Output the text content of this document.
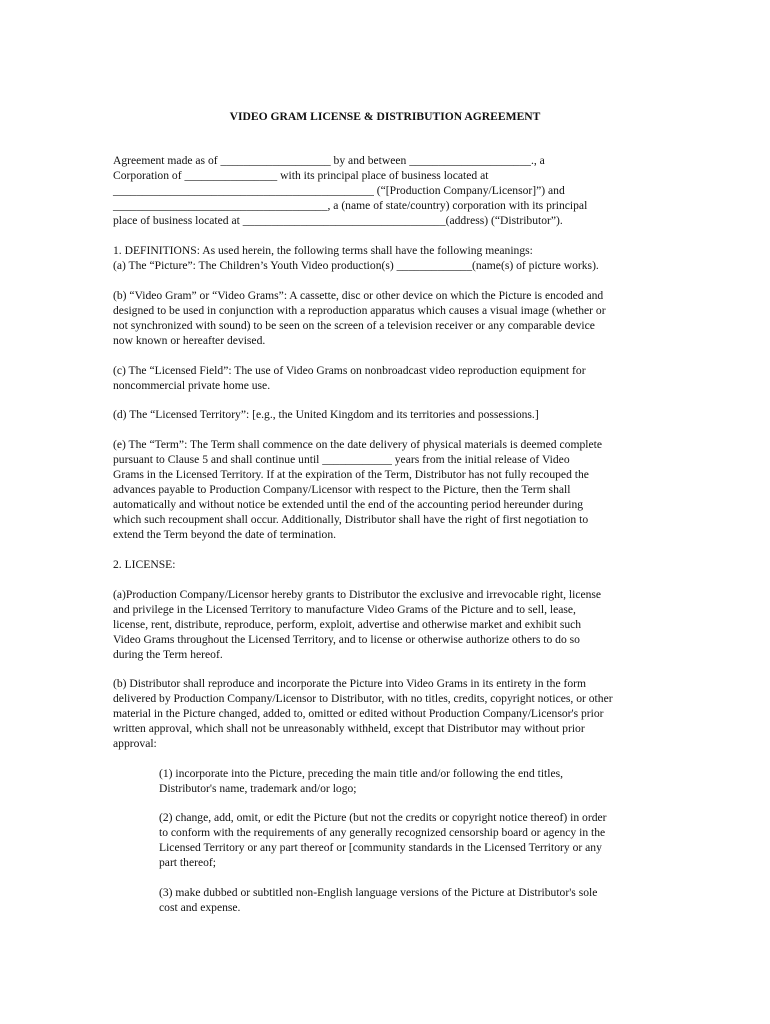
VIDEO GRAM LICENSE & DISTRIBUTION AGREEMENT
Agreement made as of ___________________ by and between _____________________., a
Corporation of ________________ with its principal place of business located at
_____________________________________________ (“[Production Company/Licensor]”) and
_____________________________________, a (name of state/country) corporation with its principal
place of business located at ___________________________________(address) (“Distributor”).
1. DEFINITIONS: As used herein, the following terms shall have the following meanings:
(a) The “Picture”: The Children’s Youth Video production(s) _____________(name(s) of picture works).
(b) “Video Gram” or “Video Grams”: A cassette, disc or other device on which the Picture is encoded and
designed to be used in conjunction with a reproduction apparatus which causes a visual image (whether or
not synchronized with sound) to be seen on the screen of a television receiver or any comparable device
now known or hereafter devised.
(c) The “Licensed Field”: The use of Video Grams on nonbroadcast video reproduction equipment for
noncommercial private home use.
(d) The “Licensed Territory”: [e.g., the United Kingdom and its territories and possessions.]
(e) The “Term”: The Term shall commence on the date delivery of physical materials is deemed complete
pursuant to Clause 5 and shall continue until ____________ years from the initial release of Video
Grams in the Licensed Territory. If at the expiration of the Term, Distributor has not fully recouped the
advances payable to Production Company/Licensor with respect to the Picture, then the Term shall
automatically and without notice be extended until the end of the accounting period hereunder during
which such recoupment shall occur. Additionally, Distributor shall have the right of first negotiation to
extend the Term beyond the date of termination.
2. LICENSE:
(a)Production Company/Licensor hereby grants to Distributor the exclusive and irrevocable right, license
and privilege in the Licensed Territory to manufacture Video Grams of the Picture and to sell, lease,
license, rent, distribute, reproduce, perform, exploit, advertise and otherwise market and exhibit such
Video Grams throughout the Licensed Territory, and to license or otherwise authorize others to do so
during the Term hereof.
(b) Distributor shall reproduce and incorporate the Picture into Video Grams in its entirety in the form
delivered by Production Company/Licensor to Distributor, with no titles, credits, copyright notices, or other
material in the Picture changed, added to, omitted or edited without Production Company/Licensor's prior
written approval, which shall not be unreasonably withheld, except that Distributor may without prior
approval:
(1) incorporate into the Picture, preceding the main title and/or following the end titles,
Distributor's name, trademark and/or logo;
(2) change, add, omit, or edit the Picture (but not the credits or copyright notice thereof) in order
to conform with the requirements of any generally recognized censorship board or agency in the
Licensed Territory or any part thereof or [community standards in the Licensed Territory or any
part thereof;
(3) make dubbed or subtitled non-English language versions of the Picture at Distributor's sole
cost and expense.
